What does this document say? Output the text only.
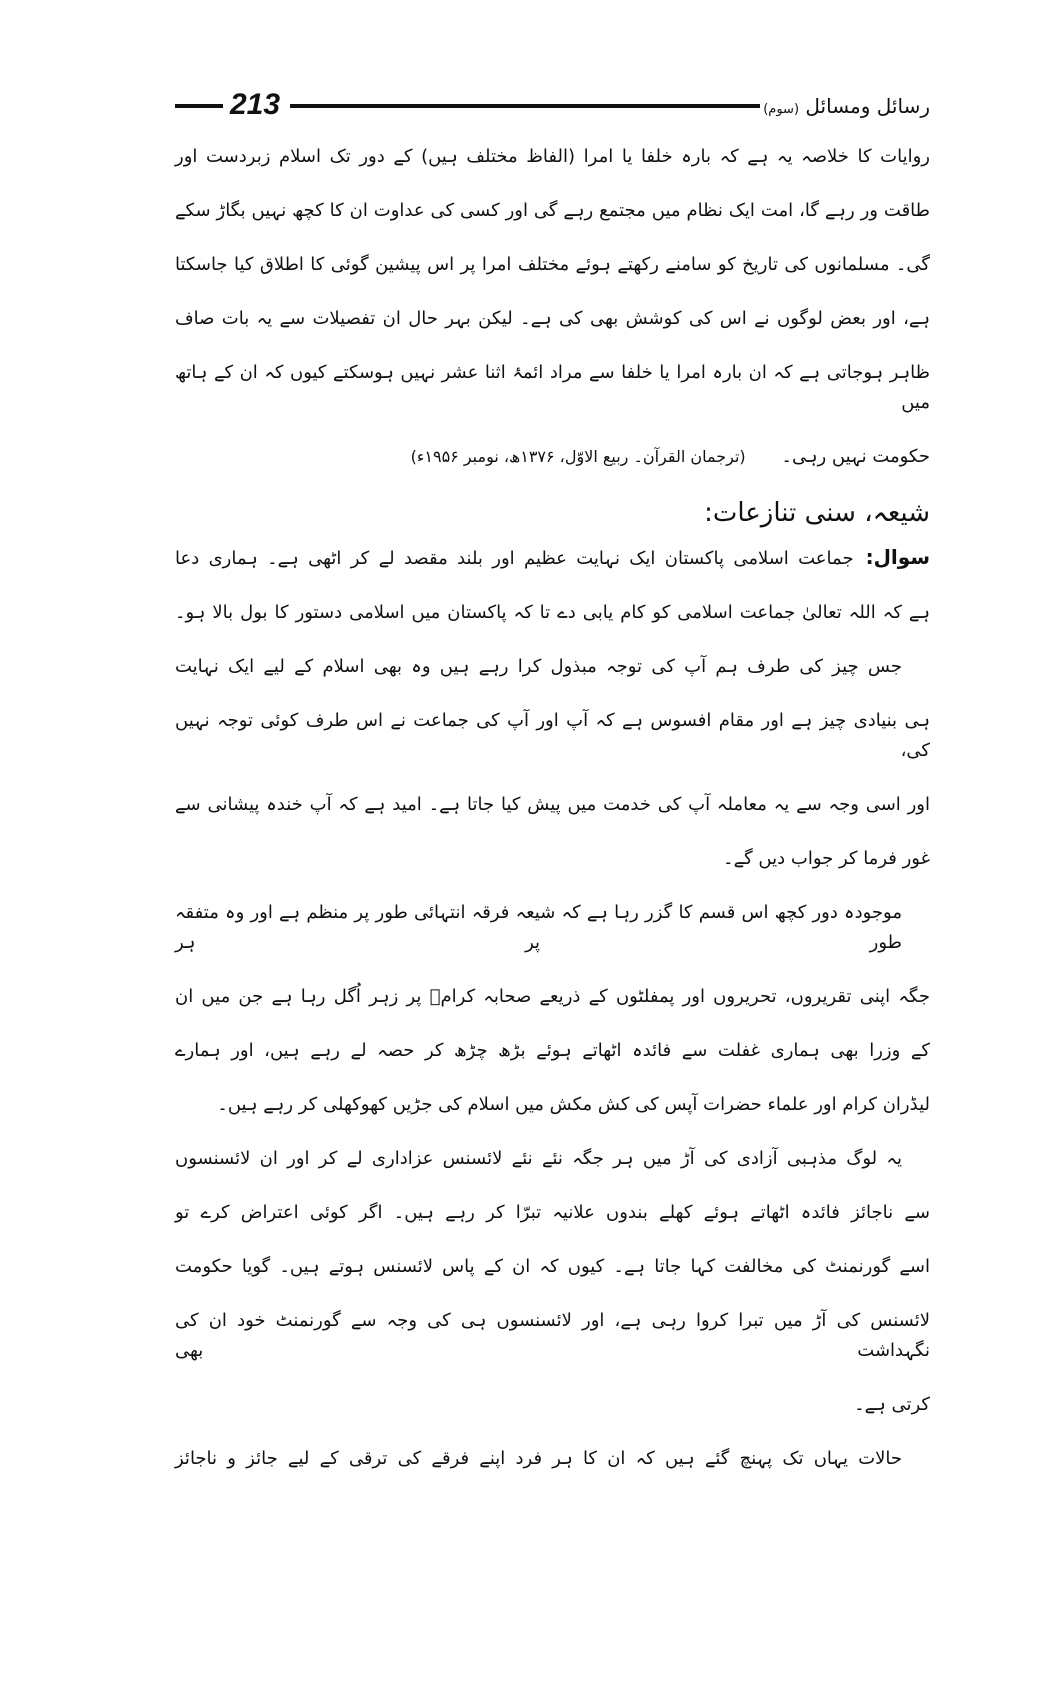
213	رسائل ومسائل (سوم)
روایات کا خلاصہ یہ ہے کہ بارہ خلفا یا امرا (الفاظ مختلف ہیں) کے دور تک اسلام زبردست اور
طاقت ور رہے گا، امت ایک نظام میں مجتمع رہے گی اور کسی کی عداوت ان کا کچھ نہیں بگاڑ سکے
گی۔ مسلمانوں کی تاریخ کو سامنے رکھتے ہوئے مختلف امرا پر اس پیشین گوئی کا اطلاق کیا جاسکتا
ہے، اور بعض لوگوں نے اس کی کوشش بھی کی ہے۔ لیکن بہر حال ان تفصیلات سے یہ بات صاف
ظاہر ہوجاتی ہے کہ ان بارہ امرا یا خلفا سے مراد ائمۂ اثنا عشر نہیں ہوسکتے کیوں کہ ان کے ہاتھ میں
حکومت نہیں رہی۔ (ترجمان القرآن۔ ربیع الاوّل، ۱۳۷۶ھ، نومبر ۱۹۵۶ء)
شیعہ، سنی تنازعات:
سوال:جماعت اسلامی پاکستان ایک نہایت عظیم اور بلند مقصد لے کر اٹھی ہے۔ ہماری دعا
ہے کہ اللہ تعالیٰ جماعت اسلامی کو کام یابی دے تا کہ پاکستان میں اسلامی دستور کا بول بالا ہو۔
جس چیز کی طرف ہم آپ کی توجہ مبذول کرا رہے ہیں وہ بھی اسلام کے لیے ایک نہایت
ہی بنیادی چیز ہے اور مقام افسوس ہے کہ آپ اور آپ کی جماعت نے اس طرف کوئی توجہ نہیں کی،
اور اسی وجہ سے یہ معاملہ آپ کی خدمت میں پیش کیا جاتا ہے۔ امید ہے کہ آپ خندہ پیشانی سے
غور فرما کر جواب دیں گے۔
موجودہ دور کچھ اس قسم کا گزر رہا ہے کہ شیعہ فرقہ انتہائی طور پر منظم ہے اور وہ متفقہ طور پر ہر
جگہ اپنی تقریروں، تحریروں اور پمفلٹوں کے ذریعے صحابہ کرامؓ پر زہر اُگل رہا ہے جن میں ان
کے وزرا بھی ہماری غفلت سے فائدہ اٹھاتے ہوئے بڑھ چڑھ کر حصہ لے رہے ہیں، اور ہمارے
لیڈران کرام اور علماء حضرات آپس کی کش مکش میں اسلام کی جڑیں کھوکھلی کر رہے ہیں۔
یہ لوگ مذہبی آزادی کی آڑ میں ہر جگہ نئے نئے لائسنس عزاداری لے کر اور ان لائسنسوں
سے ناجائز فائدہ اٹھاتے ہوئے کھلے بندوں علانیہ تبرّا کر رہے ہیں۔ اگر کوئی اعتراض کرے تو
اسے گورنمنٹ کی مخالفت کہا جاتا ہے۔ کیوں کہ ان کے پاس لائسنس ہوتے ہیں۔ گویا حکومت
لائسنس کی آڑ میں تبرا کروا رہی ہے، اور لائسنسوں ہی کی وجہ سے گورنمنٹ خود ان کی نگہداشت بھی
کرتی ہے۔
حالات یہاں تک پہنچ گئے ہیں کہ ان کا ہر فرد اپنے فرقے کی ترقی کے لیے جائز و ناجائز
